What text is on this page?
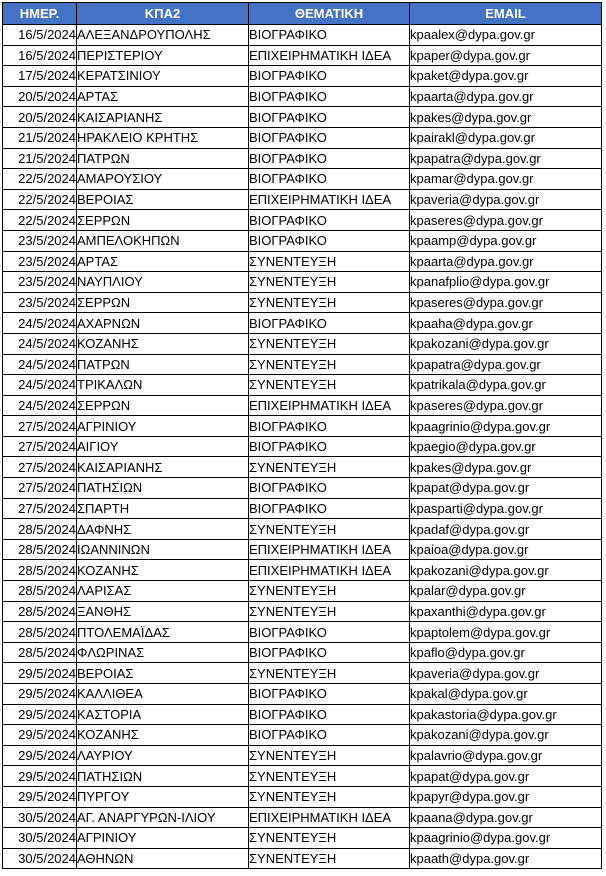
ΗΜΕΡ.	ΚΠΑ2	ΘΕΜΑΤΙΚΗ	EMAIL
16/5/2024	ΑΛΕΞΑΝΔΡΟΥΠΟΛΗΣ	ΒΙΟΓΡΑΦΙΚΟ	kpaalex@dypa.gov.gr
16/5/2024	ΠΕΡΙΣΤΕΡΙΟΥ	ΕΠΙΧΕΙΡΗΜΑΤΙΚΗ ΙΔΕΑ	kpaper@dypa.gov.gr
17/5/2024	ΚΕΡΑΤΣΙΝΙΟΥ	ΒΙΟΓΡΑΦΙΚΟ	kpaket@dypa.gov.gr
20/5/2024	ΑΡΤΑΣ	ΒΙΟΓΡΑΦΙΚΟ	kpaarta@dypa.gov.gr
20/5/2024	ΚΑΙΣΑΡΙΑΝΗΣ	ΒΙΟΓΡΑΦΙΚΟ	kpakes@dypa.gov.gr
21/5/2024	ΗΡΑΚΛΕΙΟ ΚΡΗΤΗΣ	ΒΙΟΓΡΑΦΙΚΟ	kpairakl@dypa.gov.gr
21/5/2024	ΠΑΤΡΩΝ	ΒΙΟΓΡΑΦΙΚΟ	kpapatra@dypa.gov.gr
22/5/2024	ΑΜΑΡΟΥΣΙΟΥ	ΒΙΟΓΡΑΦΙΚΟ	kpamar@dypa.gov.gr
22/5/2024	ΒΕΡΟΙΑΣ	ΕΠΙΧΕΙΡΗΜΑΤΙΚΗ ΙΔΕΑ	kpaveria@dypa.gov.gr
22/5/2024	ΣΕΡΡΩΝ	ΒΙΟΓΡΑΦΙΚΟ	kpaseres@dypa.gov.gr
23/5/2024	ΑΜΠΕΛΟΚΗΠΩΝ	ΒΙΟΓΡΑΦΙΚΟ	kpaamp@dypa.gov.gr
23/5/2024	ΑΡΤΑΣ	ΣΥΝΕΝΤΕΥΞΗ	kpaarta@dypa.gov.gr
23/5/2024	ΝΑΥΠΛΙΟΥ	ΣΥΝΕΝΤΕΥΞΗ	kpanafplio@dypa.gov.gr
23/5/2024	ΣΕΡΡΩΝ	ΣΥΝΕΝΤΕΥΞΗ	kpaseres@dypa.gov.gr
24/5/2024	ΑΧΑΡΝΩΝ	ΒΙΟΓΡΑΦΙΚΟ	kpaaha@dypa.gov.gr
24/5/2024	ΚΟΖΑΝΗΣ	ΣΥΝΕΝΤΕΥΞΗ	kpakozani@dypa.gov.gr
24/5/2024	ΠΑΤΡΩΝ	ΣΥΝΕΝΤΕΥΞΗ	kpapatra@dypa.gov.gr
24/5/2024	ΤΡΙΚΑΛΩΝ	ΣΥΝΕΝΤΕΥΞΗ	kpatrikala@dypa.gov.gr
24/5/2024	ΣΕΡΡΩΝ	ΕΠΙΧΕΙΡΗΜΑΤΙΚΗ ΙΔΕΑ	kpaseres@dypa.gov.gr
27/5/2024	ΑΓΡΙΝΙΟΥ	ΒΙΟΓΡΑΦΙΚΟ	kpaagrinio@dypa.gov.gr
27/5/2024	ΑΙΓΙΟΥ	ΒΙΟΓΡΑΦΙΚΟ	kpaegio@dypa.gov.gr
27/5/2024	ΚΑΙΣΑΡΙΑΝΗΣ	ΣΥΝΕΝΤΕΥΞΗ	kpakes@dypa.gov.gr
27/5/2024	ΠΑΤΗΣΙΩΝ	ΒΙΟΓΡΑΦΙΚΟ	kpapat@dypa.gov.gr
27/5/2024	ΣΠΑΡΤΗ	ΒΙΟΓΡΑΦΙΚΟ	kpasparti@dypa.gov.gr
28/5/2024	ΔΑΦΝΗΣ	ΣΥΝΕΝΤΕΥΞΗ	kpadaf@dypa.gov.gr
28/5/2024	ΙΩΑΝΝΙΝΩΝ	ΕΠΙΧΕΙΡΗΜΑΤΙΚΗ ΙΔΕΑ	kpaioa@dypa.gov.gr
28/5/2024	ΚΟΖΑΝΗΣ	ΕΠΙΧΕΙΡΗΜΑΤΙΚΗ ΙΔΕΑ	kpakozani@dypa.gov.gr
28/5/2024	ΛΑΡΙΣΑΣ	ΣΥΝΕΝΤΕΥΞΗ	kpalar@dypa.gov.gr
28/5/2024	ΞΑΝΘΗΣ	ΣΥΝΕΝΤΕΥΞΗ	kpaxanthi@dypa.gov.gr
28/5/2024	ΠΤΟΛΕΜΑΪΔΑΣ	ΒΙΟΓΡΑΦΙΚΟ	kpaptolem@dypa.gov.gr
28/5/2024	ΦΛΩΡΙΝΑΣ	ΒΙΟΓΡΑΦΙΚΟ	kpaflo@dypa.gov.gr
29/5/2024	ΒΕΡΟΙΑΣ	ΣΥΝΕΝΤΕΥΞΗ	kpaveria@dypa.gov.gr
29/5/2024	ΚΑΛΛΙΘΕΑ	ΒΙΟΓΡΑΦΙΚΟ	kpakal@dypa.gov.gr
29/5/2024	ΚΑΣΤΟΡΙΑ	ΒΙΟΓΡΑΦΙΚΟ	kpakastoria@dypa.gov.gr
29/5/2024	ΚΟΖΑΝΗΣ	ΒΙΟΓΡΑΦΙΚΟ	kpakozani@dypa.gov.gr
29/5/2024	ΛΑΥΡΙΟΥ	ΣΥΝΕΝΤΕΥΞΗ	kpalavrio@dypa.gov.gr
29/5/2024	ΠΑΤΗΣΙΩΝ	ΣΥΝΕΝΤΕΥΞΗ	kpapat@dypa.gov.gr
29/5/2024	ΠΥΡΓΟΥ	ΣΥΝΕΝΤΕΥΞΗ	kpapyr@dypa.gov.gr
30/5/2024	ΑΓ. ΑΝΑΡΓΥΡΩΝ-ΙΛΙΟΥ	ΕΠΙΧΕΙΡΗΜΑΤΙΚΗ ΙΔΕΑ	kpaana@dypa.gov.gr
30/5/2024	ΑΓΡΙΝΙΟΥ	ΣΥΝΕΝΤΕΥΞΗ	kpaagrinio@dypa.gov.gr
30/5/2024	ΑΘΗΝΩΝ	ΣΥΝΕΝΤΕΥΞΗ	kpaath@dypa.gov.gr
